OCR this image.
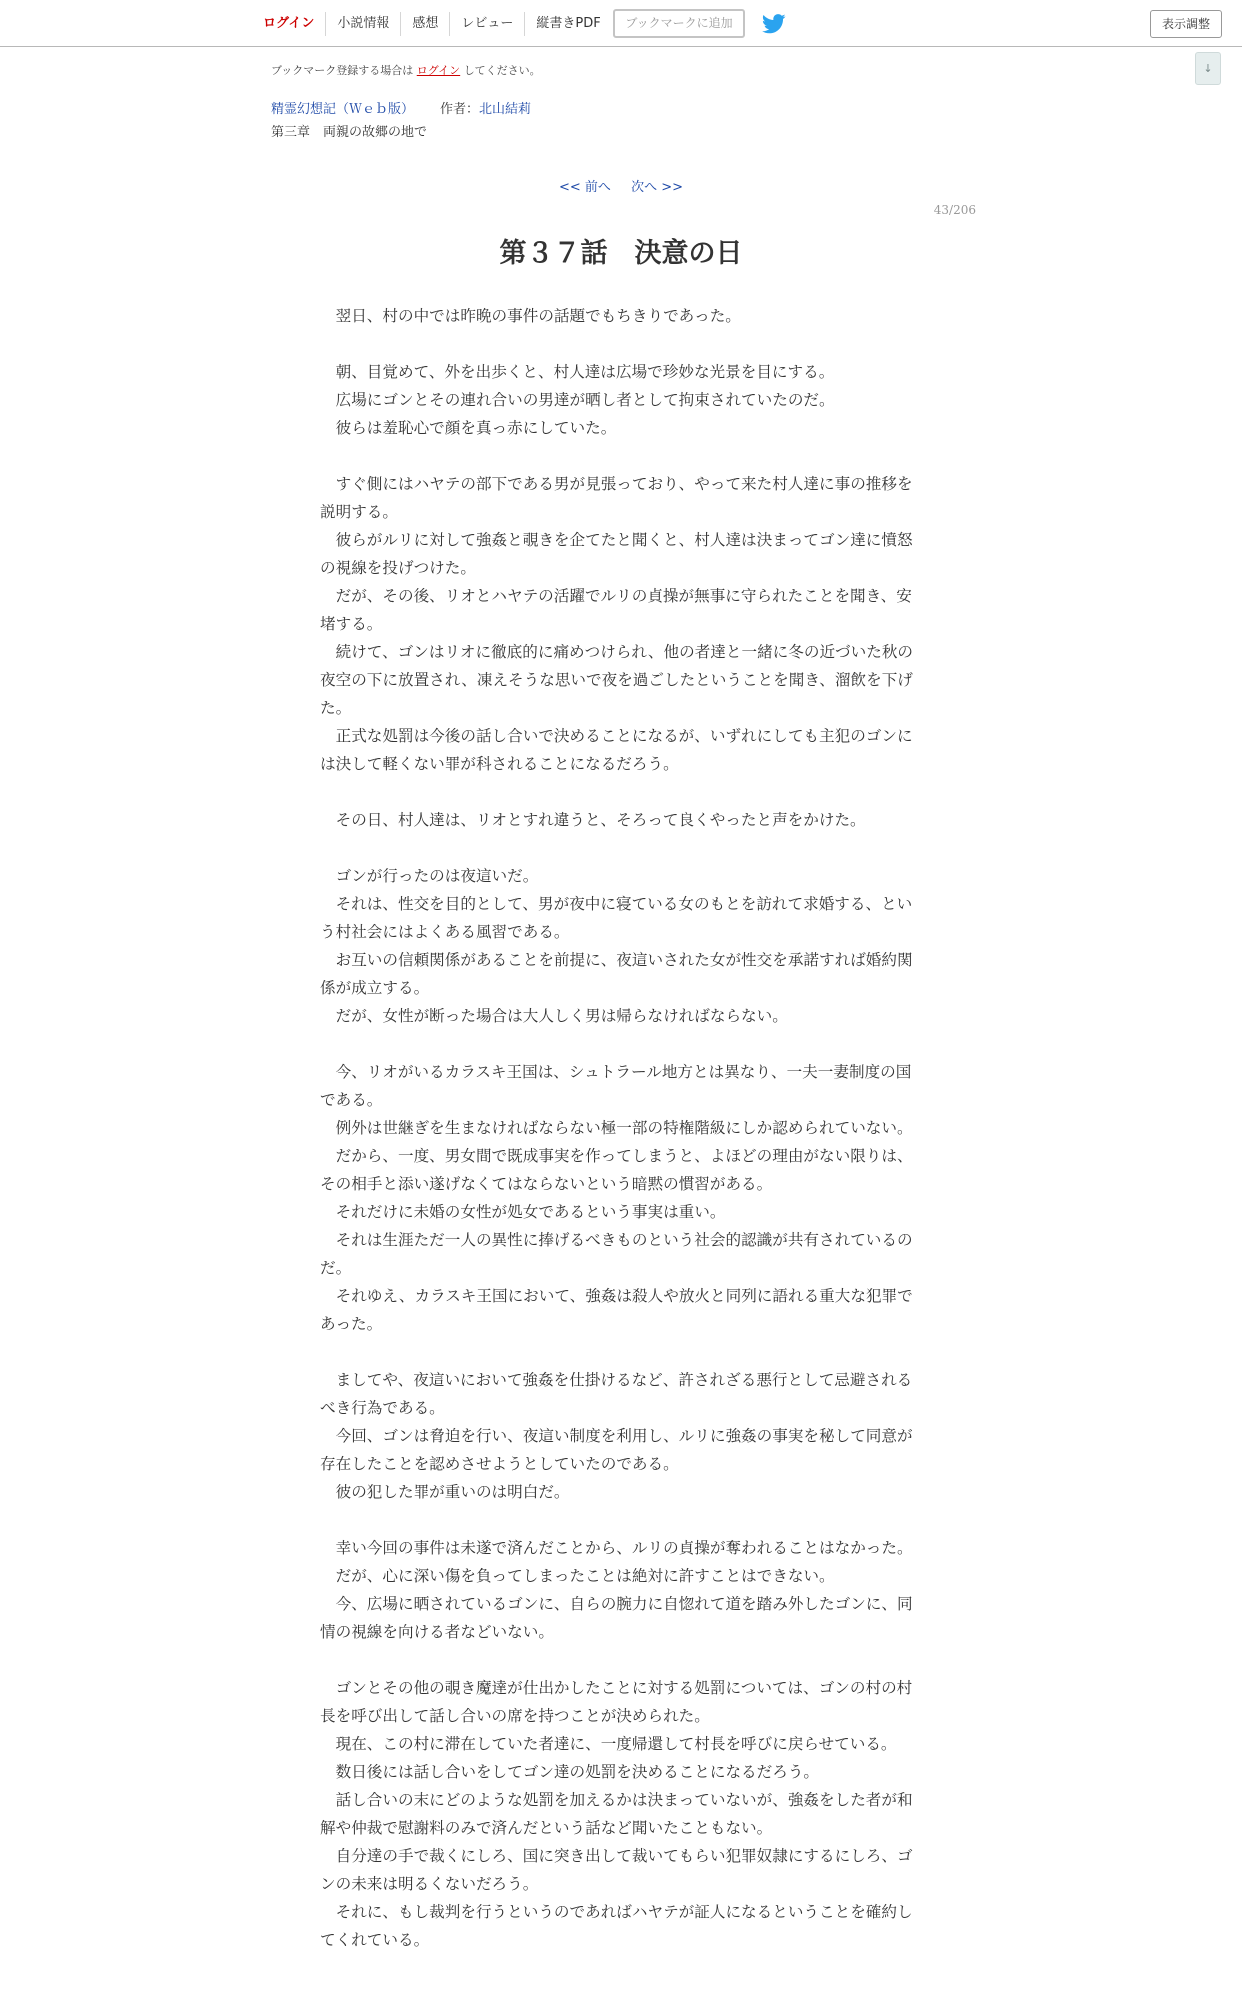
ログイン	小説情報	感想	レビュー	縦書きPDF	ブックマークに追加	表示調整
↓
ブックマーク登録する場合は ログイン してください。
精霊幻想記（Ｗｅｂ版） 作者：北山結莉
第三章　両親の故郷の地で
<< 前へ 次へ >>
43/206
第３７話　決意の日

　翌日、村の中では昨晩の事件の話題でもちきりであった。

　朝、目覚めて、外を出歩くと、村人達は広場で珍妙な光景を目にする。

　広場にゴンとその連れ合いの男達が晒し者として拘束されていたのだ。

　彼らは羞恥心で顔を真っ赤にしていた。

　すぐ側にはハヤテの部下である男が見張っており、やって来た村人達に事の推移を説明する。

　彼らがルリに対して強姦と覗きを企てたと聞くと、村人達は決まってゴン達に憤怒の視線を投げつけた。

　だが、その後、リオとハヤテの活躍でルリの貞操が無事に守られたことを聞き、安堵する。

　続けて、ゴンはリオに徹底的に痛めつけられ、他の者達と一緒に冬の近づいた秋の夜空の下に放置され、凍えそうな思いで夜を過ごしたということを聞き、溜飲を下げた。

　正式な処罰は今後の話し合いで決めることになるが、いずれにしても主犯のゴンには決して軽くない罪が科されることになるだろう。

　その日、村人達は、リオとすれ違うと、そろって良くやったと声をかけた。

　ゴンが行ったのは夜這いだ。

　それは、性交を目的として、男が夜中に寝ている女のもとを訪れて求婚する、という村社会にはよくある風習である。

　お互いの信頼関係があることを前提に、夜這いされた女が性交を承諾すれば婚約関係が成立する。

　だが、女性が断った場合は大人しく男は帰らなければならない。

　今、リオがいるカラスキ王国は、シュトラール地方とは異なり、一夫一妻制度の国である。

　例外は世継ぎを生まなければならない極一部の特権階級にしか認められていない。

　だから、一度、男女間で既成事実を作ってしまうと、よほどの理由がない限りは、その相手と添い遂げなくてはならないという暗黙の慣習がある。

　それだけに未婚の女性が処女であるという事実は重い。

　それは生涯ただ一人の異性に捧げるべきものという社会的認識が共有されているのだ。

　それゆえ、カラスキ王国において、強姦は殺人や放火と同列に語れる重大な犯罪であった。

　ましてや、夜這いにおいて強姦を仕掛けるなど、許されざる悪行として忌避されるべき行為である。

　今回、ゴンは脅迫を行い、夜這い制度を利用し、ルリに強姦の事実を秘して同意が存在したことを認めさせようとしていたのである。

　彼の犯した罪が重いのは明白だ。

　幸い今回の事件は未遂で済んだことから、ルリの貞操が奪われることはなかった。

　だが、心に深い傷を負ってしまったことは絶対に許すことはできない。

　今、広場に晒されているゴンに、自らの腕力に自惚れて道を踏み外したゴンに、同情の視線を向ける者などいない。

　ゴンとその他の覗き魔達が仕出かしたことに対する処罰については、ゴンの村の村長を呼び出して話し合いの席を持つことが決められた。

　現在、この村に滞在していた者達に、一度帰還して村長を呼びに戻らせている。

　数日後には話し合いをしてゴン達の処罰を決めることになるだろう。

　話し合いの末にどのような処罰を加えるかは決まっていないが、強姦をした者が和解や仲裁で慰謝料のみで済んだという話など聞いたこともない。

　自分達の手で裁くにしろ、国に突き出して裁いてもらい犯罪奴隷にするにしろ、ゴンの未来は明るくないだろう。

　それに、もし裁判を行うというのであればハヤテが証人になるということを確約してくれている。
